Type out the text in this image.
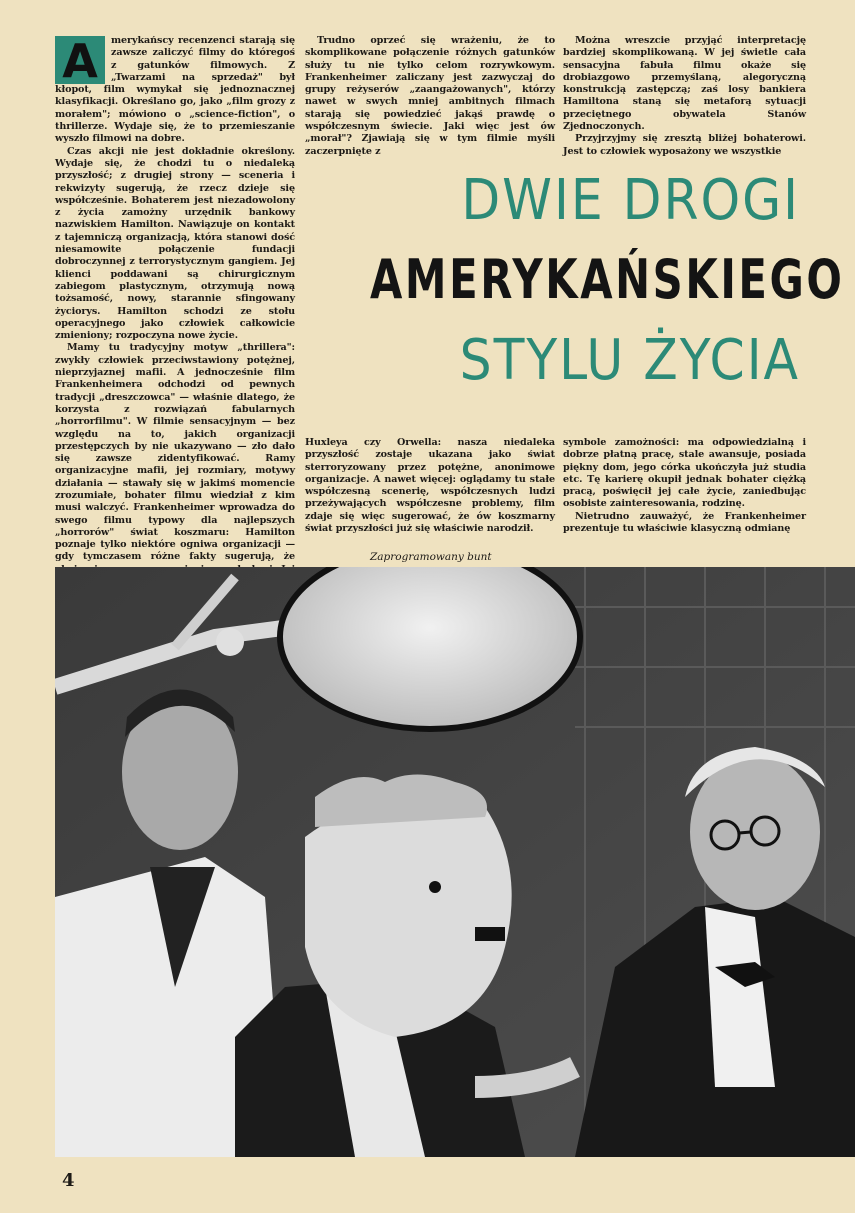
A	merykańscy recenzenci starają się zawsze zaliczyć filmy do któregoś z gatunków filmowych. Z „Twarzami na sprzedaż" był kłopot, film wymykał się jednoznacznej klasyfikacji. Określano go, jako „film grozy z morałem"; mówiono o „science-fiction", o thrillerze. Wydaje się, że to przemieszanie wyszło filmowi na dobre.

Czas akcji nie jest dokładnie określony. Wydaje się, że chodzi tu o niedaleką przyszłość; z drugiej strony — sceneria i rekwizyty sugerują, że rzecz dzieje się współcześnie. Bohaterem jest niezadowolony z życia zamożny urzędnik bankowy nazwiskiem Hamilton. Nawiązuje on kontakt z tajemniczą organizacją, która stanowi dość niesamowite połączenie fundacji dobroczynnej z terrorystycznym gangiem. Jej klienci poddawani są chirurgicznym zabiegom plastycznym, otrzymują nową tożsamość, nowy, starannie sfingowany życiorys. Hamilton schodzi ze stołu operacyjnego jako człowiek całkowicie zmieniony; rozpoczyna nowe życie.

Mamy tu tradycyjny motyw „thrillera": zwykły człowiek przeciwstawiony potężnej, nieprzyjaznej mafii. A jednocześnie film Frankenheimera odchodzi od pewnych tradycji „dreszczowca" — właśnie dlatego, że korzysta z rozwiązań fabularnych „horrorfilmu". W filmie sensacyjnym — bez względu na to, jakich organizacji przestępczych by nie ukazywano — zło dało się zawsze zidentyfikować. Ramy organizacyjne mafii, jej rozmiary, motywy działania — stawały się w jakimś momencie zrozumiałe, bohater filmu wiedział z kim musi walczyć. Frankenheimer wprowadza do swego filmu typowy dla najlepszych „horrorów" świat koszmaru: Hamilton poznaje tylko niektóre ogniwa organizacji — gdy tymczasem różne fakty sugerują, że

Trudno oprzeć się wrażeniu, że to skomplikowane połączenie różnych gatunków służy tu nie tylko celom rozrywkowym. Frankenheimer zaliczany jest zazwyczaj do grupy reżyserów „zaangażowanych", którzy nawet w swych mniej ambitnych filmach starają się powiedzieć jakąś prawdę o współczesnym świecie. Jaki więc jest ów „morał"? Zjawiają się w tym filmie myśli zaczerpnięte z

Można wreszcie przyjąć interpretację bardziej skomplikowaną. W jej świetle cała sensacyjna fabuła filmu okaże się drobiazgowo przemyślaną, alegoryczną konstrukcją zastępczą; zaś losy bankiera Hamiltona staną się metaforą sytuacji przeciętnego obywatela Stanów Zjednoczonych.

Przyjrzyjmy się zresztą bliżej bohaterowi. Jest to człowiek wyposażony we wszystkie

DWIE DROGI
AMERYKAŃSKIEGO
STYLU ŻYCIA

Huxleya czy Orwella: nasza niedaleka przyszłość zostaje ukazana jako świat sterroryzowany przez potężne, anonimowe organizacje. A nawet więcej: oglądamy tu stałe współczesną scenerię, współczesnych ludzi przeżywających współczesne problemy, film zdaje się więc sugerować, że ów koszmarny świat przyszłości już się właściwie narodził.

symbole zamożności: ma odpowiedzialną i dobrze płatną pracę, stale awansuje, posiada piękny dom, jego córka ukończyła już studia etc. Tę karierę okupił jednak bohater ciężką pracą, poświęcił jej całe życie, zaniedbując osobiste zainteresowania, rodzinę.

Nietrudno zauważyć, że Frankenheimer prezentuje tu właściwie klasyczną odmianę

Zaprogramowany bunt
4
